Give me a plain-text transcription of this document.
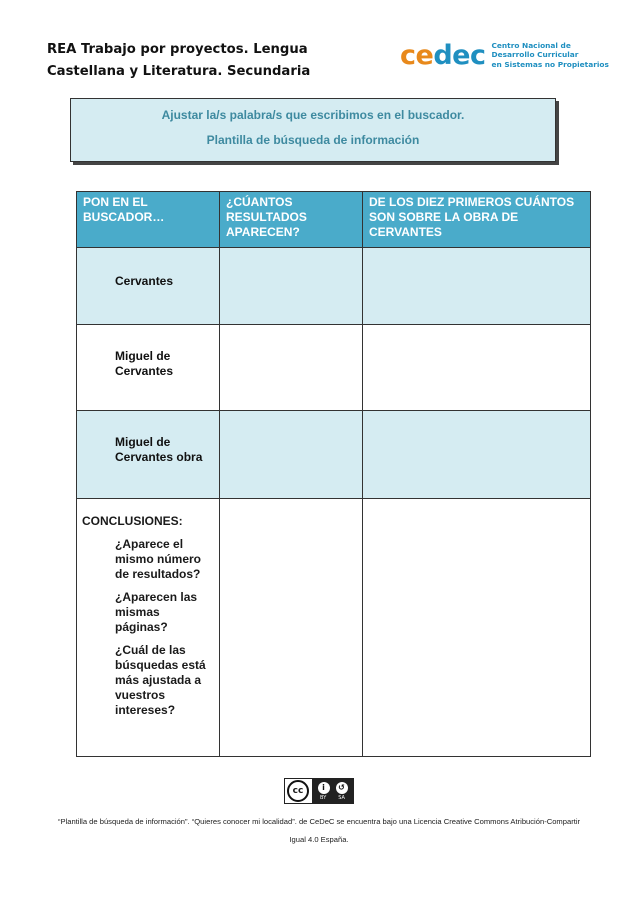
REA Trabajo por proyectos. Lengua
Castellana y Literatura. Secundaria
cedec Centro Nacional de
Desarrollo Curricular
en Sistemas no Propietarios
Ajustar la/s palabra/s que escribimos en el buscador.
Plantilla de búsqueda de información
PON EN EL BUSCADOR…	¿CÚANTOS RESULTADOS APARECEN?	DE LOS DIEZ PRIMEROS CUÁNTOS SON SOBRE LA OBRA DE CERVANTES
Cervantes		
Miguel de Cervantes		
Miguel de Cervantes obra		

CONCLUSIONES:
¿Aparece el mismo número de resultados?
¿Aparecen las mismas páginas?
¿Cuál de las búsquedas está más ajustada a vuestros intereses?		

cc	i	↺
BY SA
“Plantilla de búsqueda de información”. “Quieres conocer mi localidad”. de CeDeC se encuentra bajo una Licencia Creative Commons Atribución-Compartir
Igual 4.0 España.
